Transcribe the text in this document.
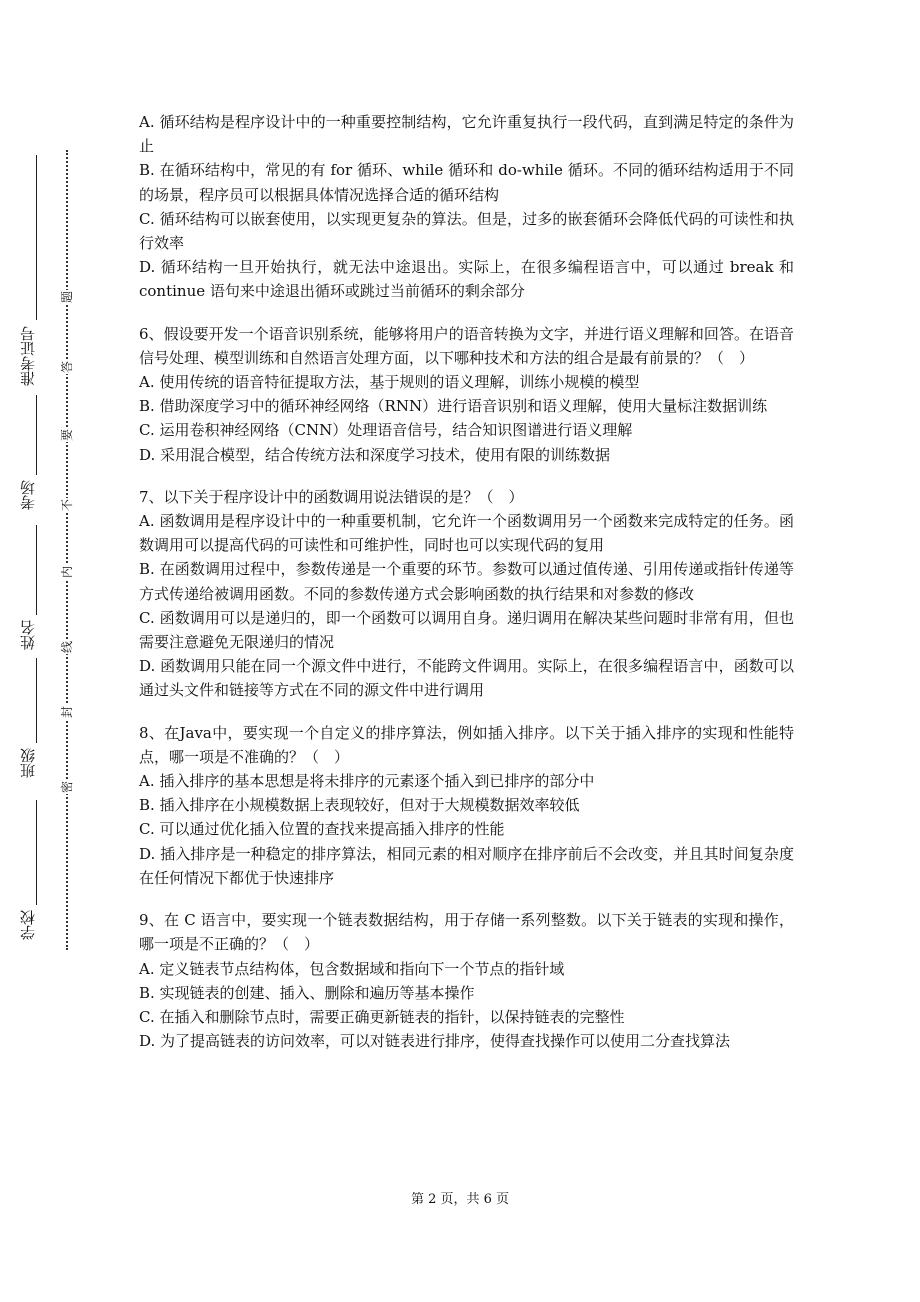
学校
班级
姓名
考场
准考证号
密
封
线
内
不
要
答
题

A. 循环结构是程序设计中的一种重要控制结构，它允许重复执行一段代码，直到满足特定的条件为止

B. 在循环结构中，常见的有 for 循环、while 循环和 do-while 循环。不同的循环结构适用于不同的场景，程序员可以根据具体情况选择合适的循环结构

C. 循环结构可以嵌套使用，以实现更复杂的算法。但是，过多的嵌套循环会降低代码的可读性和执行效率

D. 循环结构一旦开始执行，就无法中途退出。实际上，在很多编程语言中，可以通过 break 和 continue 语句来中途退出循环或跳过当前循环的剩余部分

6、假设要开发一个语音识别系统，能够将用户的语音转换为文字，并进行语义理解和回答。在语音信号处理、模型训练和自然语言处理方面，以下哪种技术和方法的组合是最有前景的？（　）

A. 使用传统的语音特征提取方法，基于规则的语义理解，训练小规模的模型

B. 借助深度学习中的循环神经网络（RNN）进行语音识别和语义理解，使用大量标注数据训练

C. 运用卷积神经网络（CNN）处理语音信号，结合知识图谱进行语义理解

D. 采用混合模型，结合传统方法和深度学习技术，使用有限的训练数据

7、以下关于程序设计中的函数调用说法错误的是？（　）

A. 函数调用是程序设计中的一种重要机制，它允许一个函数调用另一个函数来完成特定的任务。函数调用可以提高代码的可读性和可维护性，同时也可以实现代码的复用

B. 在函数调用过程中，参数传递是一个重要的环节。参数可以通过值传递、引用传递或指针传递等方式传递给被调用函数。不同的参数传递方式会影响函数的执行结果和对参数的修改

C. 函数调用可以是递归的，即一个函数可以调用自身。递归调用在解决某些问题时非常有用，但也需要注意避免无限递归的情况

D. 函数调用只能在同一个源文件中进行，不能跨文件调用。实际上，在很多编程语言中，函数可以通过头文件和链接等方式在不同的源文件中进行调用

8、在Java中，要实现一个自定义的排序算法，例如插入排序。以下关于插入排序的实现和性能特点，哪一项是不准确的？（　）

A. 插入排序的基本思想是将未排序的元素逐个插入到已排序的部分中

B. 插入排序在小规模数据上表现较好，但对于大规模数据效率较低

C. 可以通过优化插入位置的查找来提高插入排序的性能

D. 插入排序是一种稳定的排序算法，相同元素的相对顺序在排序前后不会改变，并且其时间复杂度在任何情况下都优于快速排序

9、在 C 语言中，要实现一个链表数据结构，用于存储一系列整数。以下关于链表的实现和操作，哪一项是不正确的？（　）

A. 定义链表节点结构体，包含数据域和指向下一个节点的指针域

B. 实现链表的创建、插入、删除和遍历等基本操作

C. 在插入和删除节点时，需要正确更新链表的指针，以保持链表的完整性

D. 为了提高链表的访问效率，可以对链表进行排序，使得查找操作可以使用二分查找算法

第 2 页，共 6 页
